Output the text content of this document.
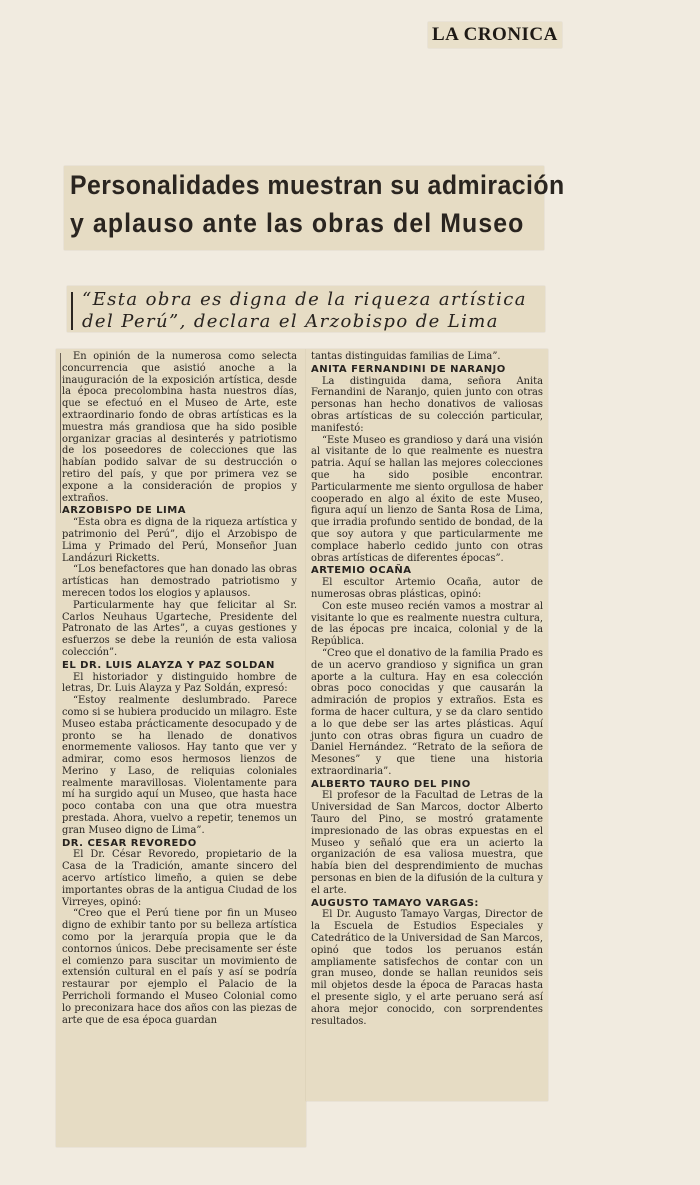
LA CRONICA
Personalidades muestran su admiración
y aplauso ante las obras del Museo
“Esta obra es digna de la riqueza artística
del Perú”, declara el Arzobispo de Lima

En opinión de la numerosa como selecta concurrencia que asistió anoche a la inauguración de la exposición artística, desde la época precolombina hasta nuestros días, que se efectuó en el Museo de Arte, este extraordinario fondo de obras artísticas es la muestra más grandiosa que ha sido posible organizar gracias al desinterés y patriotismo de los poseedores de colecciones que las habían podido salvar de su destrucción o retiro del país, y que por primera vez se expone a la consideración de propios y extraños.

ARZOBISPO DE LIMA

“Esta obra es digna de la riqueza artística y patrimonio del Perú”, dijo el Arzobispo de Lima y Primado del Perú, Monseñor Juan Landázuri Ricketts.

“Los benefactores que han donado las obras artísticas han demostrado patriotismo y merecen todos los elogios y aplausos.

Particularmente hay que felicitar al Sr. Carlos Neuhaus Ugarteche, Presidente del Patronato de las Artes”, a cuyas gestiones y esfuerzos se debe la reunión de esta valiosa colección”.

EL DR. LUIS ALAYZA Y PAZ SOLDAN

El historiador y distinguido hombre de letras, Dr. Luis Alayza y Paz Soldán, expresó:

“Estoy realmente deslumbrado. Parece como si se hubiera producido un milagro. Este Museo estaba prácticamente desocupado y de pronto se ha llenado de donativos enormemente valiosos. Hay tanto que ver y admirar, como esos hermosos lienzos de Merino y Laso, de reliquias coloniales realmente maravillosas. Violentamente para mí ha surgido aquí un Museo, que hasta hace poco contaba con una que otra muestra prestada. Ahora, vuelvo a repetir, tenemos un gran Museo digno de Lima”.

DR. CESAR REVOREDO

El Dr. César Revoredo, propietario de la Casa de la Tradición, amante sincero del acervo artístico limeño, a quien se debe importantes obras de la antigua Ciudad de los Virreyes, opinó:

“Creo que el Perú tiene por fin un Museo digno de exhibir tanto por su belleza artística como por la jerarquía propia que le da contornos únicos. Debe precisamente ser éste el comienzo para suscitar un movimiento de extensión cultural en el país y así se podría restaurar por ejemplo el Palacio de la Perricholi formando el Museo Colonial como lo preconizara hace dos años con las piezas de arte que de esa época guardan

tantas distinguidas familias de Lima”.

ANITA FERNANDINI DE NARANJO

La distinguida dama, señora Anita Fernandini de Naranjo, quien junto con otras personas han hecho donativos de valiosas obras artísticas de su colección particular, manifestó:

“Este Museo es grandioso y dará una visión al visitante de lo que realmente es nuestra patria. Aquí se hallan las mejores colecciones que ha sido posible encontrar. Particularmente me siento orgullosa de haber cooperado en algo al éxito de este Museo, figura aquí un lienzo de Santa Rosa de Lima, que irradia profundo sentido de bondad, de la que soy autora y que particularmente me complace haberlo cedido junto con otras obras artísticas de diferentes épocas”.

ARTEMIO OCAÑA

El escultor Artemio Ocaña, autor de numerosas obras plásticas, opinó:

Con este museo recién vamos a mostrar al visitante lo que es realmente nuestra cultura, de las épocas pre incaica, colonial y de la República.

“Creo que el donativo de la familia Prado es de un acervo grandioso y significa un gran aporte a la cultura. Hay en esa colección obras poco conocidas y que causarán la admiración de propios y extraños. Esta es forma de hacer cultura, y se da claro sentido a lo que debe ser las artes plásticas. Aquí junto con otras obras figura un cuadro de Daniel Hernández. “Retrato de la señora de Mesones” y que tiene una historia extraordinaria”.

ALBERTO TAURO DEL PINO

El profesor de la Facultad de Letras de la Universidad de San Marcos, doctor Alberto Tauro del Pino, se mostró gratamente impresionado de las obras expuestas en el Museo y señaló que era un acierto la organización de esa valiosa muestra, que había bien del desprendimiento de muchas personas en bien de la difusión de la cultura y el arte.

AUGUSTO TAMAYO VARGAS:

El Dr. Augusto Tamayo Vargas, Director de la Escuela de Estudios Especiales y Catedrático de la Universidad de San Marcos, opinó que todos los peruanos están ampliamente satisfechos de contar con un gran museo, donde se hallan reunidos seis mil objetos desde la época de Paracas hasta el presente siglo, y el arte peruano será así ahora mejor conocido, con sorprendentes resultados.
